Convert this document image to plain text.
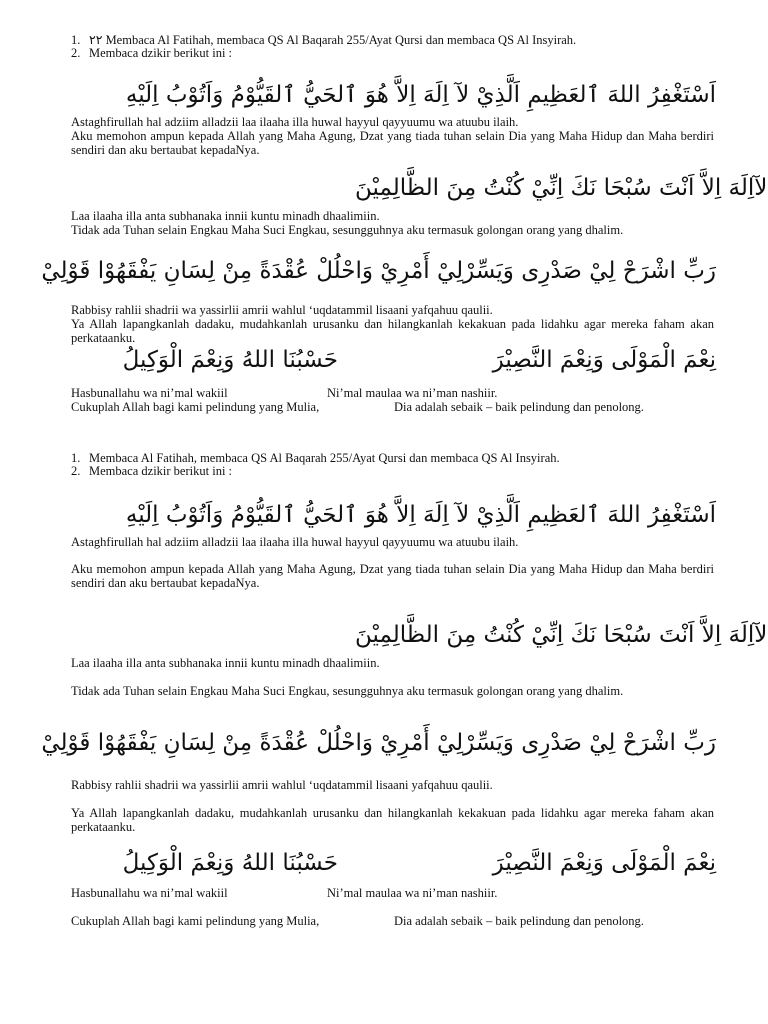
1. ٢٢ Membaca Al Fatihah, membaca QS Al Baqarah 255/Ayat Qursi dan membaca QS Al Insyirah.
2. Membaca dzikir berikut ini :
اَسْتَغْفِرُ اللهَ ٱلعَظِيمِ اَلَّذِيْ لآ اِلَهَ اِلاَّ هُوَ ٱلحَيُّ ٱلقَيُّوْمُ وَاَتُوْبُ اِلَيْهِ
Astaghfirullah hal adziim alladzii laa ilaaha illa huwal hayyul qayyuumu wa atuubu ilaih.
Aku memohon ampun kepada Allah yang Maha Agung, Dzat yang tiada tuhan selain Dia yang Maha Hidup dan Maha berdiri sendiri dan aku bertaubat kepadaNya.
لآاِلَهَ اِلاَّ اَنْتَ سُبْحَا نَكَ اِنِّيْ كُنْتُ مِنَ الظَّالِمِيْنَ
Laa ilaaha illa anta subhanaka innii kuntu minadh dhaalimiin.
Tidak ada Tuhan selain Engkau Maha Suci Engkau, sesungguhnya aku termasuk golongan orang yang dhalim.
رَبِّ اشْرَحْ لِيْ صَدْرِى وَيَسِّرْلِيْ أَمْرِيْ وَاحْلُلْ عُقْدَةً مِنْ لِسَانِ يَفْقَهُوْا قَوْلِيْ
Rabbisy rahlii shadrii wa yassirlii amrii wahlul ‘uqdatammil lisaani yafqahuu qaulii.
Ya Allah lapangkanlah dadaku, mudahkanlah urusanku dan hilangkanlah kekakuan pada lidahku agar mereka faham akan perkataanku.
حَسْبُنَا اللهُ وَنِعْمَ الْوَكِيلُ	نِعْمَ الْمَوْلَى وَنِعْمَ النَّصِيْرَ
Hasbunallahu wa ni’mal wakiil	Ni’mal maulaa wa ni’man nashiir.
Cukuplah Allah bagi kami pelindung yang Mulia,	Dia adalah sebaik – baik pelindung dan penolong.
1. Membaca Al Fatihah, membaca QS Al Baqarah 255/Ayat Qursi dan membaca QS Al Insyirah.
2. Membaca dzikir berikut ini :
اَسْتَغْفِرُ اللهَ ٱلعَظِيمِ اَلَّذِيْ لآ اِلَهَ اِلاَّ هُوَ ٱلحَيُّ ٱلقَيُّوْمُ وَاَتُوْبُ اِلَيْهِ
Astaghfirullah hal adziim alladzii laa ilaaha illa huwal hayyul qayyuumu wa atuubu ilaih.
Aku memohon ampun kepada Allah yang Maha Agung, Dzat yang tiada tuhan selain Dia yang Maha Hidup dan Maha berdiri sendiri dan aku bertaubat kepadaNya.
لآاِلَهَ اِلاَّ اَنْتَ سُبْحَا نَكَ اِنِّيْ كُنْتُ مِنَ الظَّالِمِيْنَ
Laa ilaaha illa anta subhanaka innii kuntu minadh dhaalimiin.
Tidak ada Tuhan selain Engkau Maha Suci Engkau, sesungguhnya aku termasuk golongan orang yang dhalim.
رَبِّ اشْرَحْ لِيْ صَدْرِى وَيَسِّرْلِيْ أَمْرِيْ وَاحْلُلْ عُقْدَةً مِنْ لِسَانِ يَفْقَهُوْا قَوْلِيْ
Rabbisy rahlii shadrii wa yassirlii amrii wahlul ‘uqdatammil lisaani yafqahuu qaulii.
Ya Allah lapangkanlah dadaku, mudahkanlah urusanku dan hilangkanlah kekakuan pada lidahku agar mereka faham akan perkataanku.
حَسْبُنَا اللهُ وَنِعْمَ الْوَكِيلُ	نِعْمَ الْمَوْلَى وَنِعْمَ النَّصِيْرَ
Hasbunallahu wa ni’mal wakiil	Ni’mal maulaa wa ni’man nashiir.
Cukuplah Allah bagi kami pelindung yang Mulia,	Dia adalah sebaik – baik pelindung dan penolong.
